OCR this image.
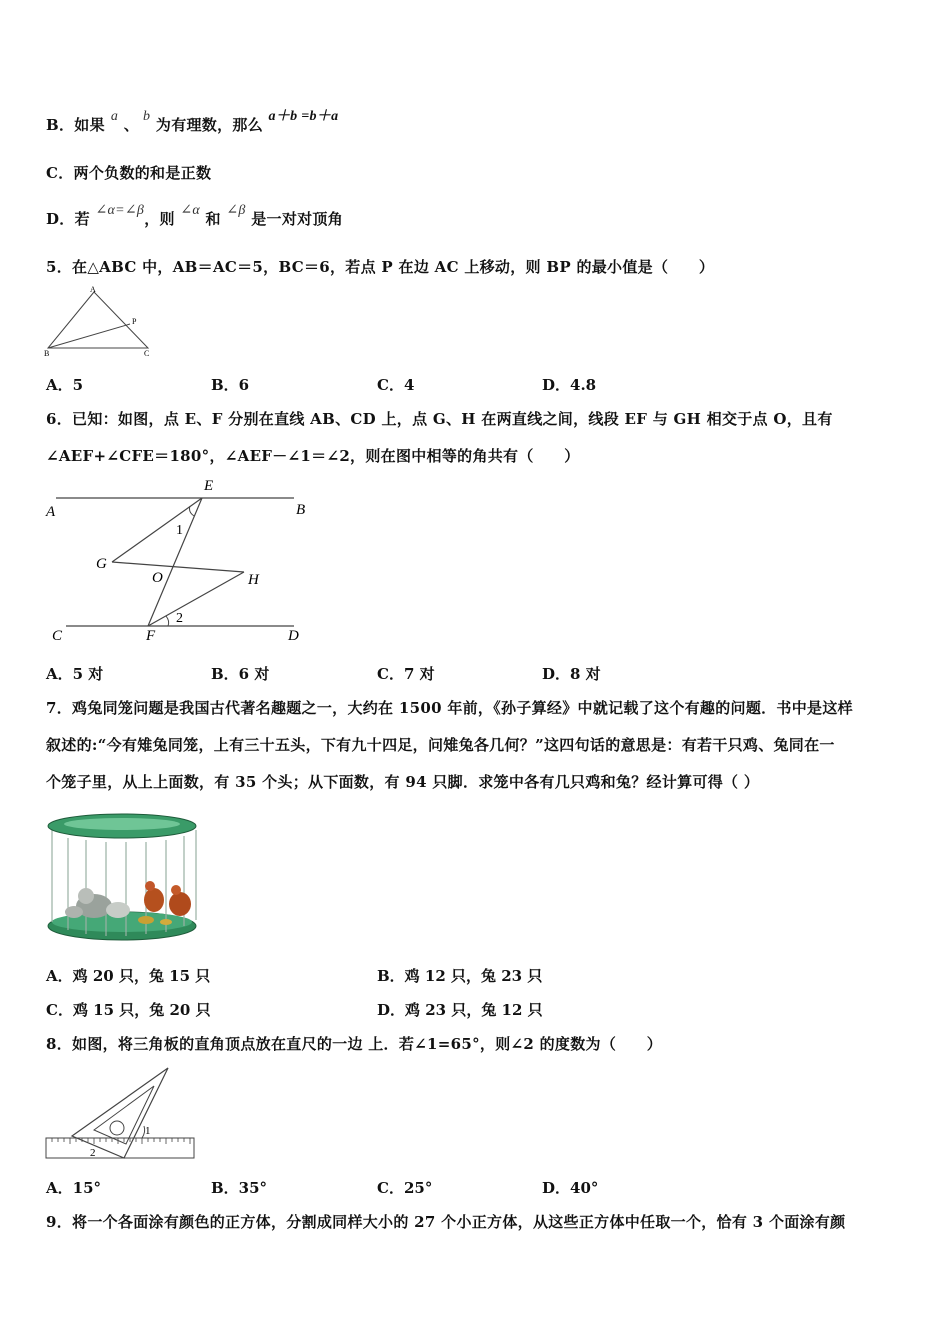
B．如果 a 、 b 为有理数，那么 a＋b =b＋a
C．两个负数的和是正数
D．若 ∠α=∠β，则 ∠α 和 ∠β 是一对对顶角
5．在△ABC 中，AB＝AC＝5，BC＝6，若点 P 在边 AC 上移动，则 BP 的最小值是（　　）
A
B	C
P
A．5	B．6	C．4	D．4.8
6．已知：如图，点 E、F 分别在直线 AB、CD 上，点 G、H 在两直线之间，线段 EF 与 GH 相交于点 O，且有
∠AEF+∠CFE＝180°，∠AEF－∠1＝∠2，则在图中相等的角共有（　　）
E
A	B
G
O	H
1
2
C	F	D
A．5 对	B．6 对	C．7 对	D．8 对
7．鸡兔同笼问题是我国古代著名趣题之一，大约在 1500 年前，《孙子算经》中就记载了这个有趣的问题．书中是这样
叙述的:“今有雉兔同笼，上有三十五头，下有九十四足，问雉兔各几何？”这四句话的意思是：有若干只鸡、兔同在一
个笼子里，从上上面数，有 35 个头；从下面数，有 94 只脚．求笼中各有几只鸡和兔？经计算可得（ ）
A．鸡 20 只，兔 15 只	B．鸡 12 只，兔 23 只
C．鸡 15 只，兔 20 只	D．鸡 23 只，兔 12 只
8．如图，将三角板的直角顶点放在直尺的一边 上．若∠1=65°，则∠2 的度数为（　　）
1
2
A．15°	B．35°	C．25°	D．40°
9．将一个各面涂有颜色的正方体，分割成同样大小的 27 个小正方体，从这些正方体中任取一个，恰有 3 个面涂有颜
